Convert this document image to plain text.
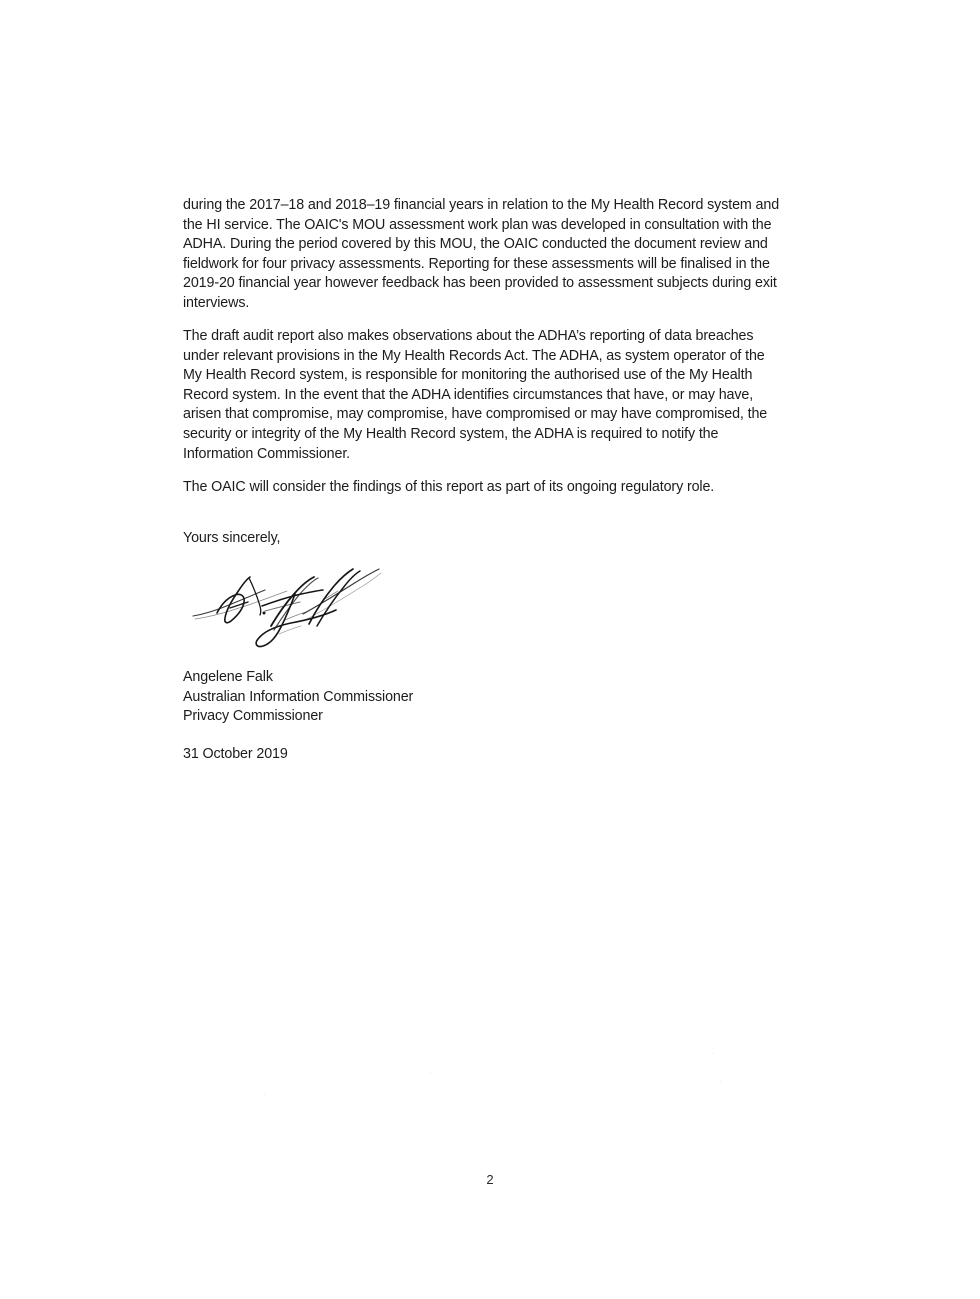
during the 2017–18 and 2018–19 financial years in relation to the My Health Record system and the HI service. The OAIC's MOU assessment work plan was developed in consultation with the ADHA. During the period covered by this MOU, the OAIC conducted the document review and fieldwork for four privacy assessments. Reporting for these assessments will be finalised in the 2019-20 financial year however feedback has been provided to assessment subjects during exit interviews.

The draft audit report also makes observations about the ADHA’s reporting of data breaches under relevant provisions in the My Health Records Act. The ADHA, as system operator of the My Health Record system, is responsible for monitoring the authorised use of the My Health Record system. In the event that the ADHA identifies circumstances that have, or may have, arisen that compromise, may compromise, have compromised or may have compromised, the security or integrity of the My Health Record system, the ADHA is required to notify the Information Commissioner.

The OAIC will consider the findings of this report as part of its ongoing regulatory role.

Yours sincerely,
Angelene Falk
Australian Information Commissioner
Privacy Commissioner
31 October 2019
2
